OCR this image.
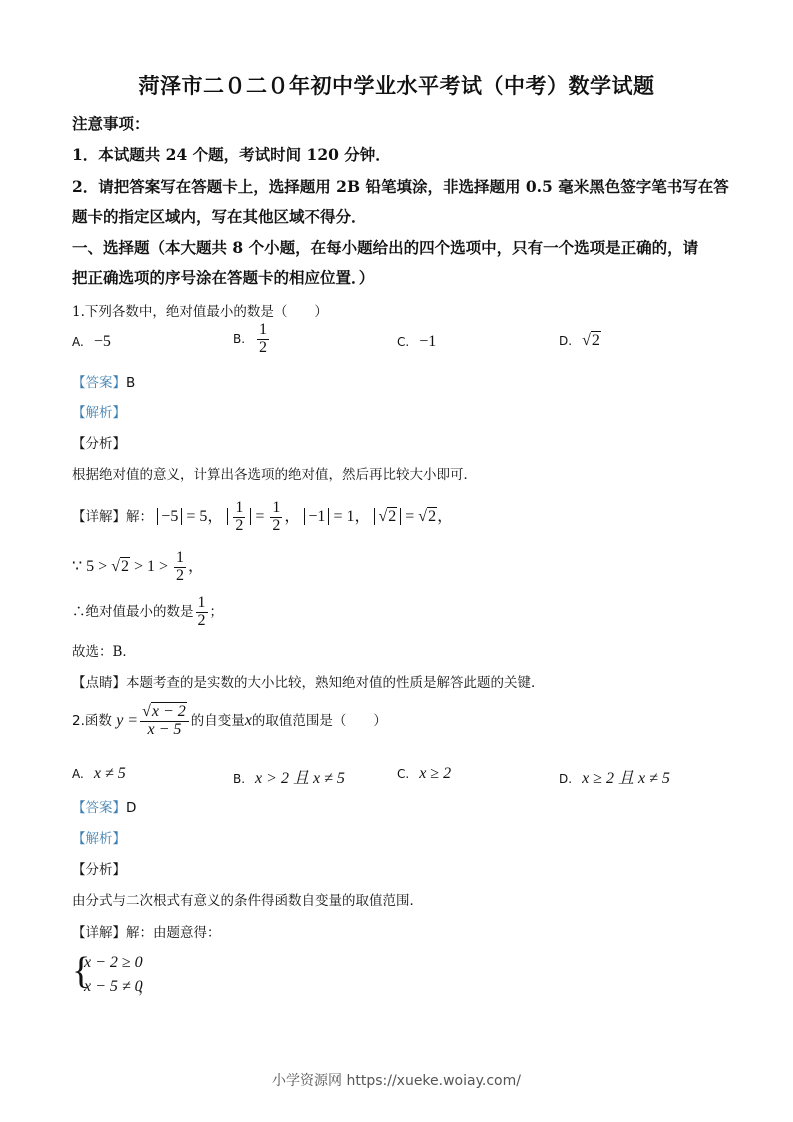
菏泽市二０二０年初中学业水平考试（中考）数学试题
注意事项：
1．本试题共 24 个题，考试时间 120 分钟．
2．请把答案写在答题卡上，选择题用 2B 铅笔填涂，非选择题用 0.5 毫米黑色签字笔书写在答
题卡的指定区域内，写在其他区域不得分．
一、选择题（本大题共 8 个小题，在每小题给出的四个选项中，只有一个选项是正确的，请
把正确选项的序号涂在答题卡的相应位置．）
1.下列各数中，绝对值最小的数是（　　）
A. −5	B. $\frac{1}{2}$	C. −1	D. √2
【答案】B
【解析】
【分析】
根据绝对值的意义，计算出各选项的绝对值，然后再比较大小即可．
【详解】解： −5 = 5， $\frac{1}{2} = \frac{1}{2}$ ， −1 = 1， √2 = √2，
∵ $5 > √2 > 1 > \frac{1}{2}$ ，
∴绝对值最小的数是 $\frac{1}{2}$ ；
故选：B．
【点睛】本题考查的是实数的大小比较，熟知绝对值的性质是解答此题的关键．
2.函数 $y = \frac{√x - 2}{x - 5}$ 的自变量x的取值范围是（　　）
A. x ≠ 5	B. x > 2 且 x ≠ 5	C. x ≥ 2	D. x ≥ 2 且 x ≠ 5
【答案】D
【解析】
【分析】
由分式与二次根式有意义的条件得函数自变量的取值范围．
【详解】解：由题意得：
{
x − 2 ≥ 0
x − 5 ≠ 0
，
小学资源网 https://xueke.woiay.com/
